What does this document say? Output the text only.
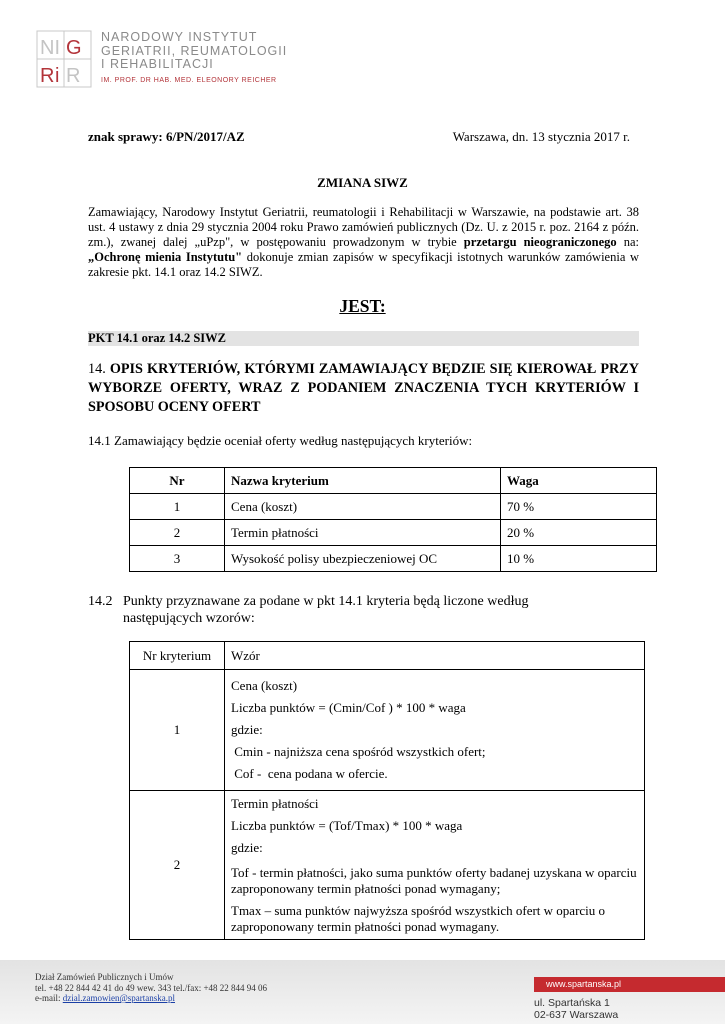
NI G
R i R
NARODOWY INSTYTUT
GERIATRII, REUMATOLOGII
I REHABILITACJI
IM. PROF. DR HAB. MED. ELEONORY REICHER
znak sprawy: 6/PN/2017/AZ	Warszawa, dn. 13 stycznia 2017 r.
ZMIANA SIWZ
Zamawiający, Narodowy Instytut Geriatrii, reumatologii i Rehabilitacji w Warszawie, na podstawie art. 38 ust. 4 ustawy z dnia 29 stycznia 2004 roku Prawo zamówień publicznych (Dz. U. z 2015 r. poz. 2164 z późn. zm.), zwanej dalej „uPzp", w postępowaniu prowadzonym w trybie przetargu nieograniczonego na: „Ochronę mienia Instytutu" dokonuje zmian zapisów w specyfikacji istotnych warunków zamówienia w zakresie pkt. 14.1 oraz 14.2 SIWZ.
JEST:
PKT 14.1 oraz 14.2 SIWZ
14. OPIS KRYTERIÓW, KTÓRYMI ZAMAWIAJĄCY BĘDZIE SIĘ KIEROWAŁ PRZY WYBORZE OFERTY, WRAZ Z PODANIEM ZNACZENIA TYCH KRYTERIÓW I SPOSOBU OCENY OFERT
14.1 Zamawiający będzie oceniał oferty według następujących kryteriów:
Nr	Nazwa kryterium	Waga
1	Cena (koszt)	70 %
2	Termin płatności	20 %
3	Wysokość polisy ubezpieczeniowej OC	10 %
14.2 Punkty przyznawane za podane w pkt 14.1 kryteria będą liczone według następujących wzorów:
Nr kryterium	Wzór
1	Cena (koszt)

Liczba punktów = (Cmin/Cof ) * 100 * waga

gdzie:

Cmin - najniższa cena spośród wszystkich ofert;

Cof -  cena podana w ofercie.

2	Termin płatności

Liczba punktów = (Tof/Tmax) * 100 * waga

gdzie:

Tof - termin płatności, jako suma punktów oferty badanej uzyskana w oparciu zaproponowany termin płatności ponad wymagany;

Tmax – suma punktów najwyższa spośród wszystkich ofert w oparciu o zaproponowany termin płatności ponad wymagany.

Dział Zamówień Publicznych i Umów
tel. +48 22 844 42 41 do 49 wew. 343 tel./fax: +48 22 844 94 06
e-mail: dzial.zamowien@spartanska.pl
www.spartanska.pl
ul. Spartańska 1
02-637 Warszawa
